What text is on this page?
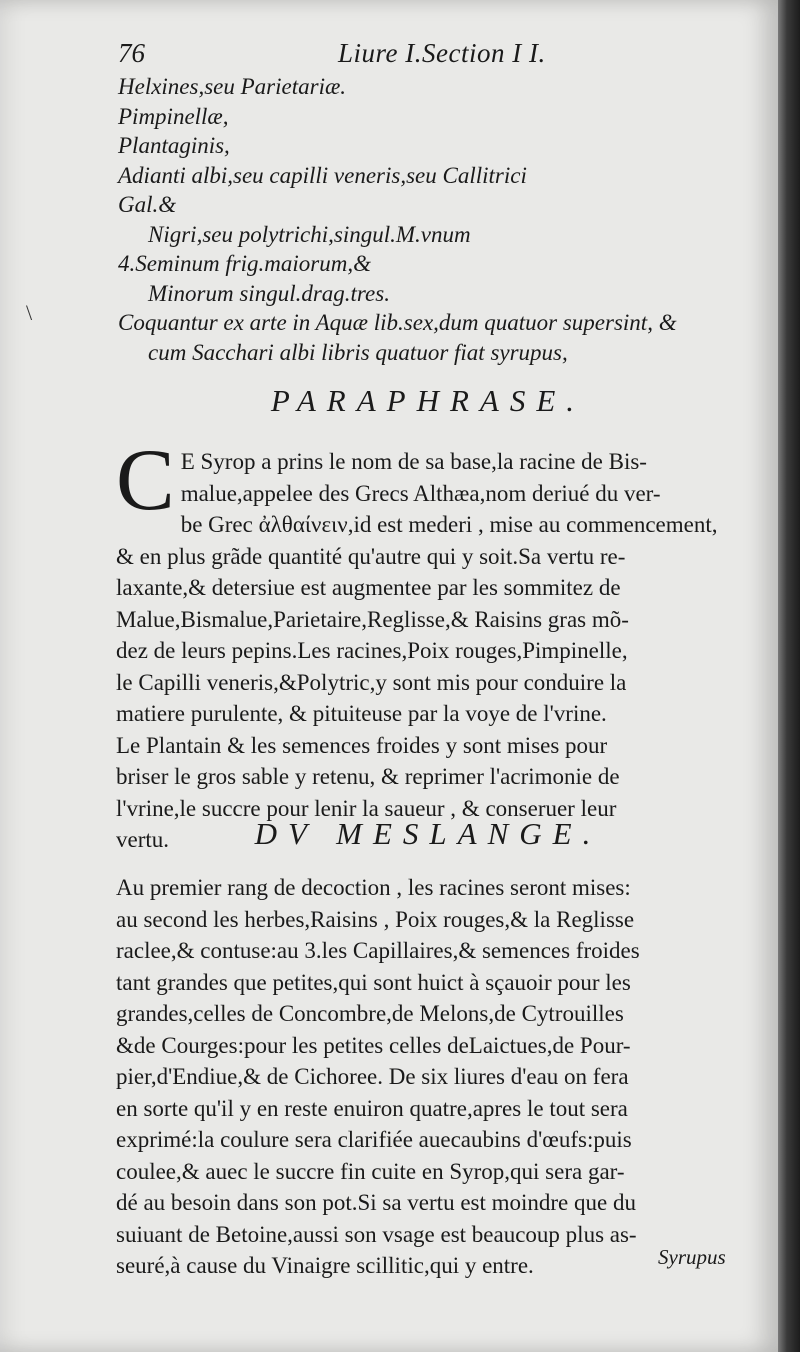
76	Liure I.Section I I.
\
Helxines,seu Parietariæ.
Pimpinellæ,
Plantaginis,
Adianti albi,seu capilli veneris,seu Callitrici
Gal.&
Nigri,seu polytrichi,singul.M.vnum
4.Seminum frig.maiorum,&
Minorum singul.drag.tres.
Coquantur ex arte in Aquæ lib.sex,dum quatuor supersint, &
cum Sacchari albi libris quatuor fiat syrupus,
PARAPHRASE.
C E Syrop a prins le nom de sa base,la racine de Bis-
malue,appelee des Grecs Althæa,nom deriué du ver-
be Grec ἀλθαίνειν,id est mederi , mise au commencement,
& en plus grãde quantité qu'autre qui y soit.Sa vertu re-
laxante,& detersiue est augmentee par les sommitez de
Malue,Bismalue,Parietaire,Reglisse,& Raisins gras mõ-
dez de leurs pepins.Les racines,Poix rouges,Pimpinelle,
le Capilli veneris,&Polytric,y sont mis pour conduire la
matiere purulente, & pituiteuse par la voye de l'vrine.
Le Plantain & les semences froides y sont mises pour
briser le gros sable y retenu, & reprimer l'acrimonie de
l'vrine,le succre pour lenir la saueur , & conseruer leur
vertu.	DV MESLANGE.
Au premier rang de decoction , les racines seront mises:
au second les herbes,Raisins , Poix rouges,& la Reglisse
raclee,& contuse:au 3.les Capillaires,& semences froides
tant grandes que petites,qui sont huict à sçauoir pour les
grandes,celles de Concombre,de Melons,de Cytrouilles
&de Courges:pour les petites celles deLaictues,de Pour-
pier,d'Endiue,& de Cichoree. De six liures d'eau on fera
en sorte qu'il y en reste enuiron quatre,apres le tout sera
exprimé:la coulure sera clarifiée auecaubins d'œufs:puis
coulee,& auec le succre fin cuite en Syrop,qui sera gar-
dé au besoin dans son pot.Si sa vertu est moindre que du
suiuant de Betoine,aussi son vsage est beaucoup plus as-
seuré,à cause du Vinaigre scillitic,qui y entre.	Syrupus
